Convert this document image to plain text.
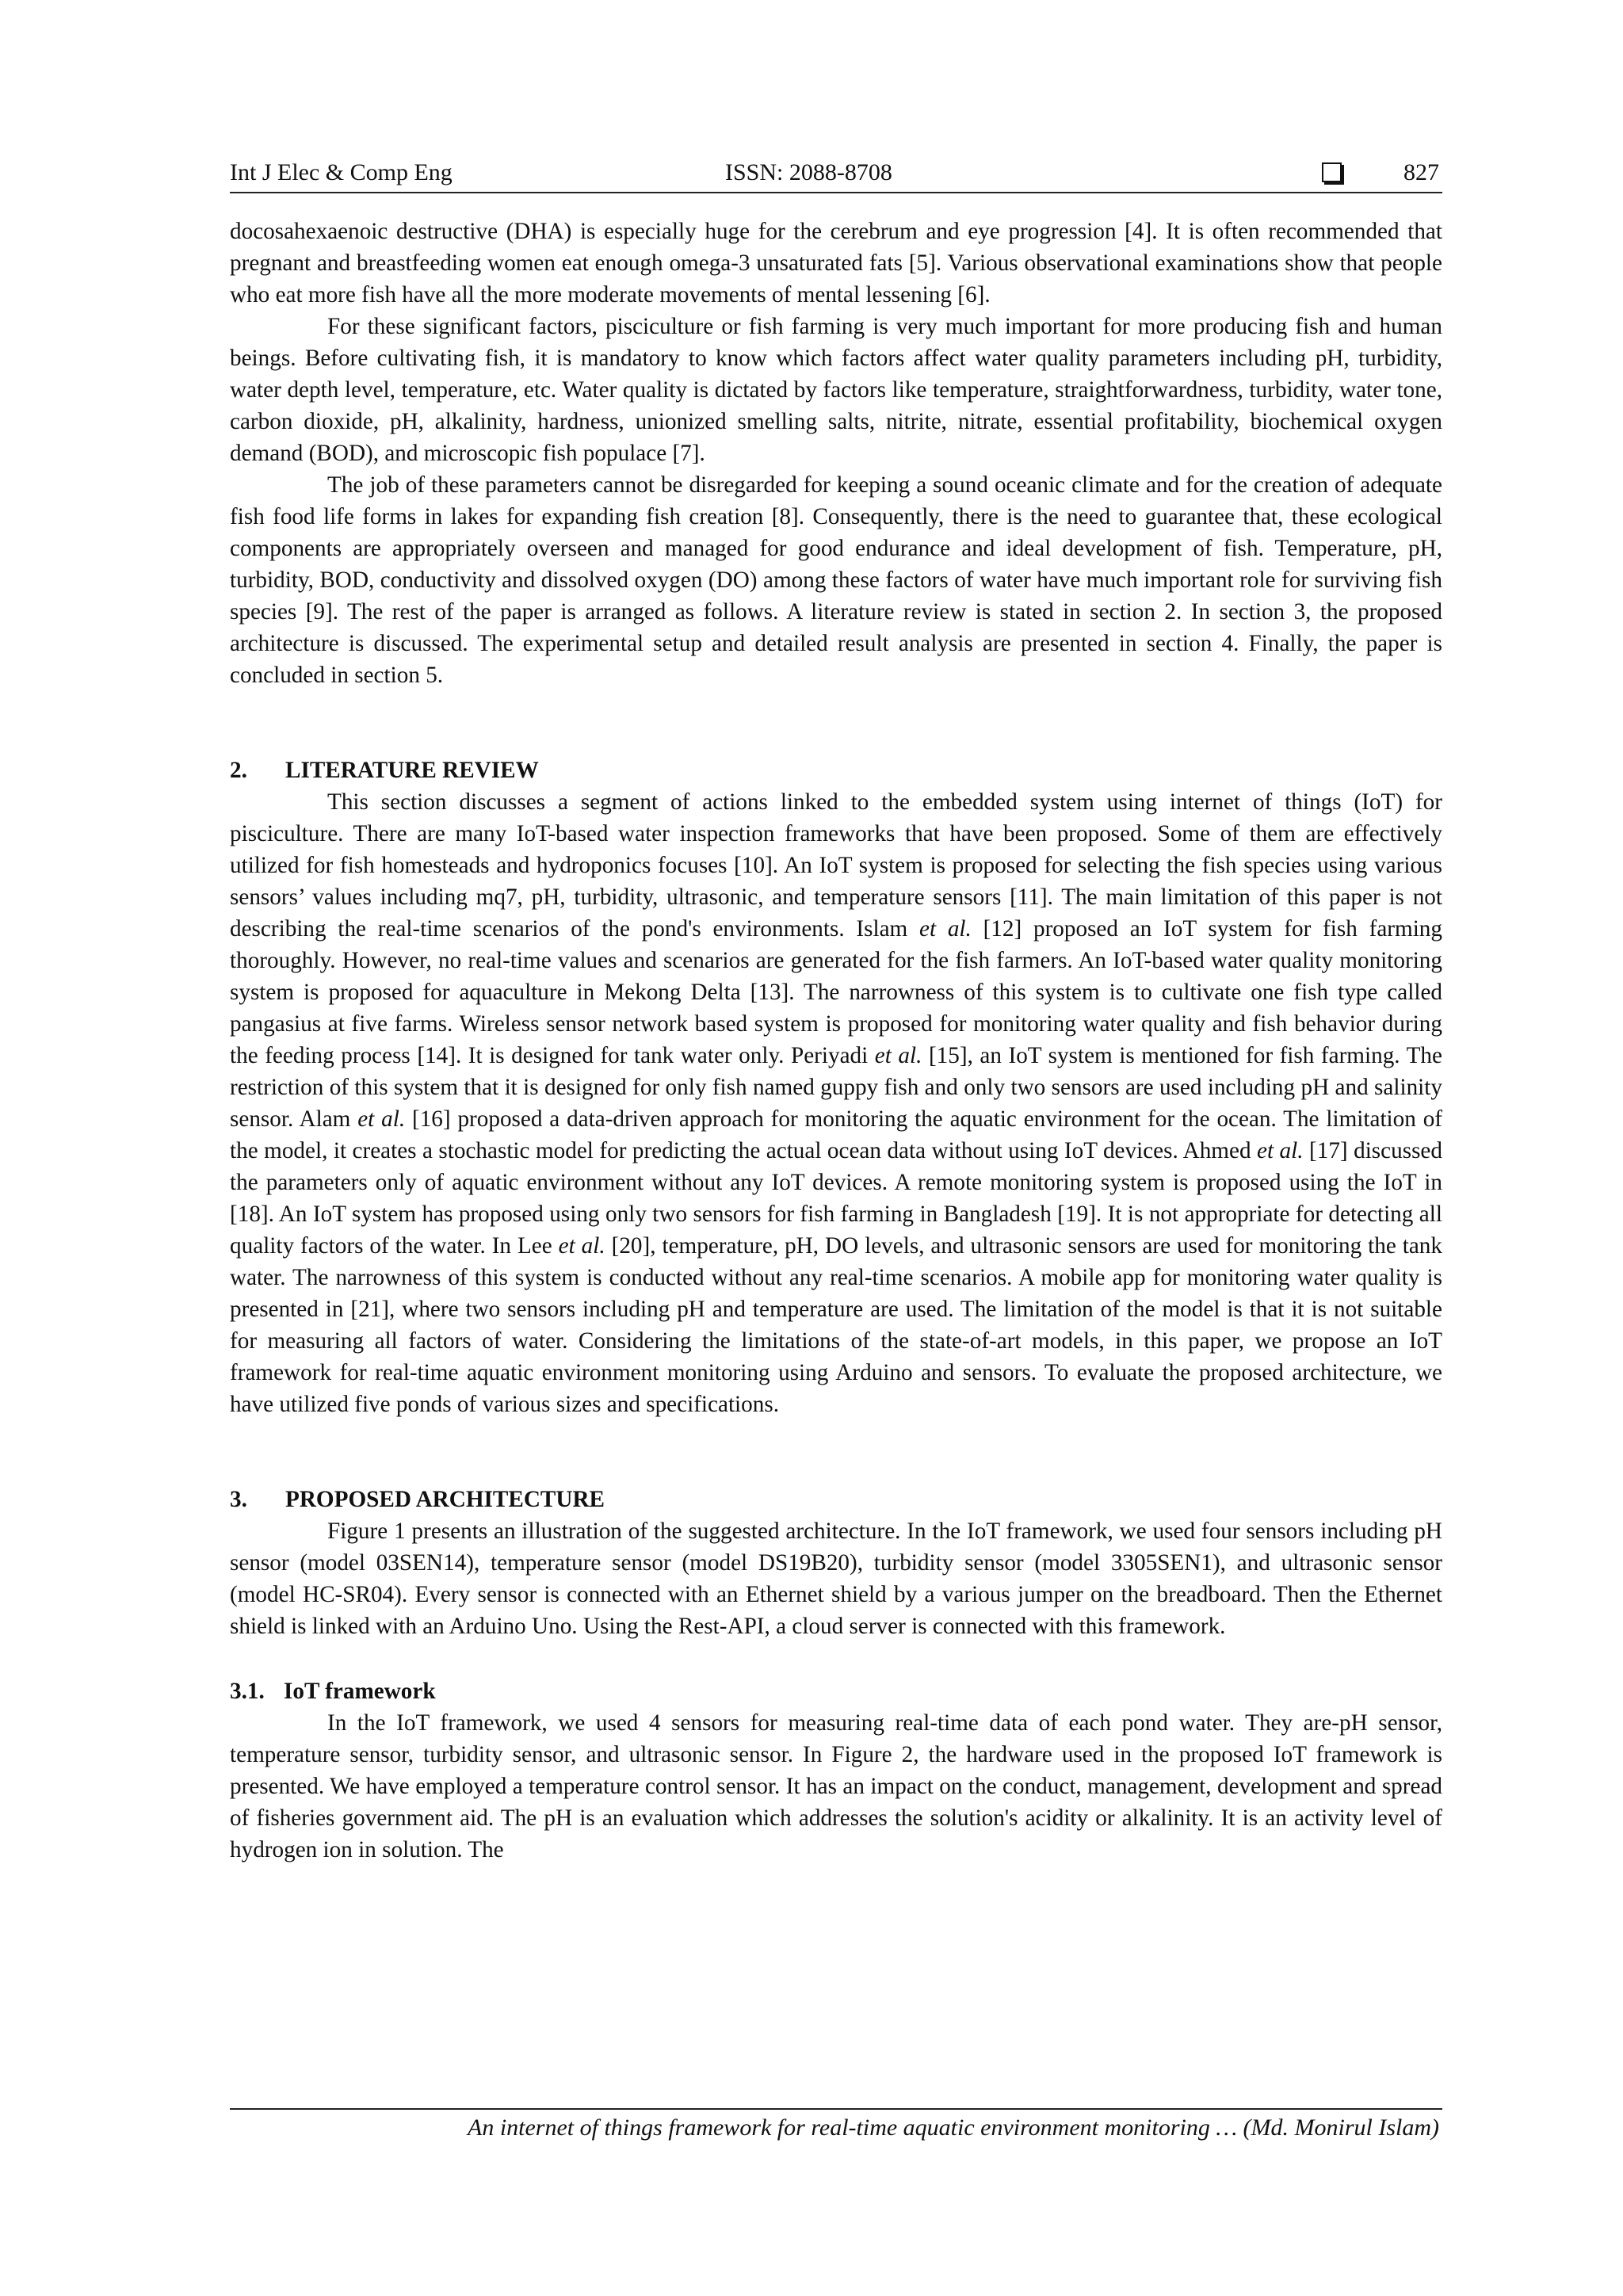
Int J Elec & Comp Eng	ISSN: 2088-8708	827

docosahexaenoic destructive (DHA) is especially huge for the cerebrum and eye progression [4]. It is often recommended that pregnant and breastfeeding women eat enough omega-3 unsaturated fats [5]. Various observational examinations show that people who eat more fish have all the more moderate movements of mental lessening [6].

For these significant factors, pisciculture or fish farming is very much important for more producing fish and human beings. Before cultivating fish, it is mandatory to know which factors affect water quality parameters including pH, turbidity, water depth level, temperature, etc. Water quality is dictated by factors like temperature, straightforwardness, turbidity, water tone, carbon dioxide, pH, alkalinity, hardness, unionized smelling salts, nitrite, nitrate, essential profitability, biochemical oxygen demand (BOD), and microscopic fish populace [7].

The job of these parameters cannot be disregarded for keeping a sound oceanic climate and for the creation of adequate fish food life forms in lakes for expanding fish creation [8]. Consequently, there is the need to guarantee that, these ecological components are appropriately overseen and managed for good endurance and ideal development of fish. Temperature, pH, turbidity, BOD, conductivity and dissolved oxygen (DO) among these factors of water have much important role for surviving fish species [9]. The rest of the paper is arranged as follows. A literature review is stated in section 2. In section 3, the proposed architecture is discussed. The experimental setup and detailed result analysis are presented in section 4. Finally, the paper is concluded in section 5.

2. LITERATURE REVIEW

This section discusses a segment of actions linked to the embedded system using internet of things (IoT) for pisciculture. There are many IoT-based water inspection frameworks that have been proposed. Some of them are effectively utilized for fish homesteads and hydroponics focuses [10]. An IoT system is proposed for selecting the fish species using various sensors’ values including mq7, pH, turbidity, ultrasonic, and temperature sensors [11]. The main limitation of this paper is not describing the real-time scenarios of the pond's environments. Islam et al. [12] proposed an IoT system for fish farming thoroughly. However, no real-time values and scenarios are generated for the fish farmers. An IoT-based water quality monitoring system is proposed for aquaculture in Mekong Delta [13]. The narrowness of this system is to cultivate one fish type called pangasius at five farms. Wireless sensor network based system is proposed for monitoring water quality and fish behavior during the feeding process [14]. It is designed for tank water only. Periyadi et al. [15], an IoT system is mentioned for fish farming. The restriction of this system that it is designed for only fish named guppy fish and only two sensors are used including pH and salinity sensor. Alam et al. [16] proposed a data-driven approach for monitoring the aquatic environment for the ocean. The limitation of the model, it creates a stochastic model for predicting the actual ocean data without using IoT devices. Ahmed et al. [17] discussed the parameters only of aquatic environment without any IoT devices. A remote monitoring system is proposed using the IoT in [18]. An IoT system has proposed using only two sensors for fish farming in Bangladesh [19]. It is not appropriate for detecting all quality factors of the water. In Lee et al. [20], temperature, pH, DO levels, and ultrasonic sensors are used for monitoring the tank water. The narrowness of this system is conducted without any real-time scenarios. A mobile app for monitoring water quality is presented in [21], where two sensors including pH and temperature are used. The limitation of the model is that it is not suitable for measuring all factors of water. Considering the limitations of the state-of-art models, in this paper, we propose an IoT framework for real-time aquatic environment monitoring using Arduino and sensors. To evaluate the proposed architecture, we have utilized five ponds of various sizes and specifications.

3. PROPOSED ARCHITECTURE

Figure 1 presents an illustration of the suggested architecture. In the IoT framework, we used four sensors including pH sensor (model 03SEN14), temperature sensor (model DS19B20), turbidity sensor (model 3305SEN1), and ultrasonic sensor (model HC-SR04). Every sensor is connected with an Ethernet shield by a various jumper on the breadboard. Then the Ethernet shield is linked with an Arduino Uno. Using the Rest-API, a cloud server is connected with this framework.

3.1. IoT framework

In the IoT framework, we used 4 sensors for measuring real-time data of each pond water. They are-pH sensor, temperature sensor, turbidity sensor, and ultrasonic sensor. In Figure 2, the hardware used in the proposed IoT framework is presented. We have employed a temperature control sensor. It has an impact on the conduct, management, development and spread of fisheries government aid. The pH is an evaluation which addresses the solution's acidity or alkalinity. It is an activity level of hydrogen ion in solution. The

An internet of things framework for real-time aquatic environment monitoring … (Md. Monirul Islam)
